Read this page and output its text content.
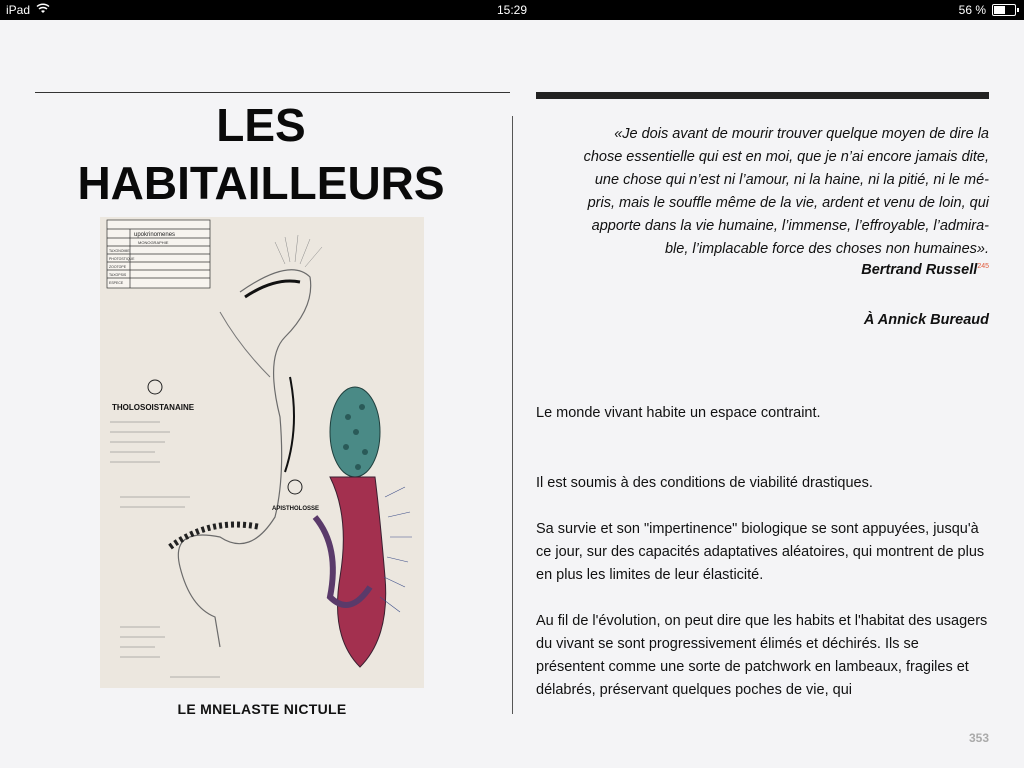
iPad	15:29	56 %
LES
HABITAILLEURS
upokrinomenes
MONOGRAPHIE
TAXONOMIE
PHOTOSTIQUE
ZOOTOPE
TAXOPSIS
ESPECE
THOLOSOISTANAINE
APISTHOLOSSE
LE MNELASTE NICTULE
«Je dois avant de mourir trouver quelque moyen de dire la
chose essentielle qui est en moi, que je n’ai encore jamais dite,
une chose qui n’est ni l’amour, ni la haine, ni la pitié, ni le mé-
pris, mais le souffle même de la vie, ardent et venu de loin, qui
apporte dans la vie humaine, l’immense, l’effroyable, l’admira-
ble, l’implacable force des choses non humaines».
Bertrand Russell$^{245}$
À Annick Bureaud

Le monde vivant habite un espace contraint.

Il est soumis à des conditions de viabilité drastiques.

Sa survie et son "impertinence" biologique se sont appuyées, jusqu'à ce jour, sur des capacités adaptatives aléatoires, qui montrent de plus en plus les limites de leur élasticité.

Au fil de l'évolution, on peut dire que les habits et l'habitat des usagers du vivant se sont progressivement élimés et déchirés. Ils se présentent comme une sorte de patchwork en lambeaux, fragiles et délabrés, préservant quelques poches de vie, qui

353
